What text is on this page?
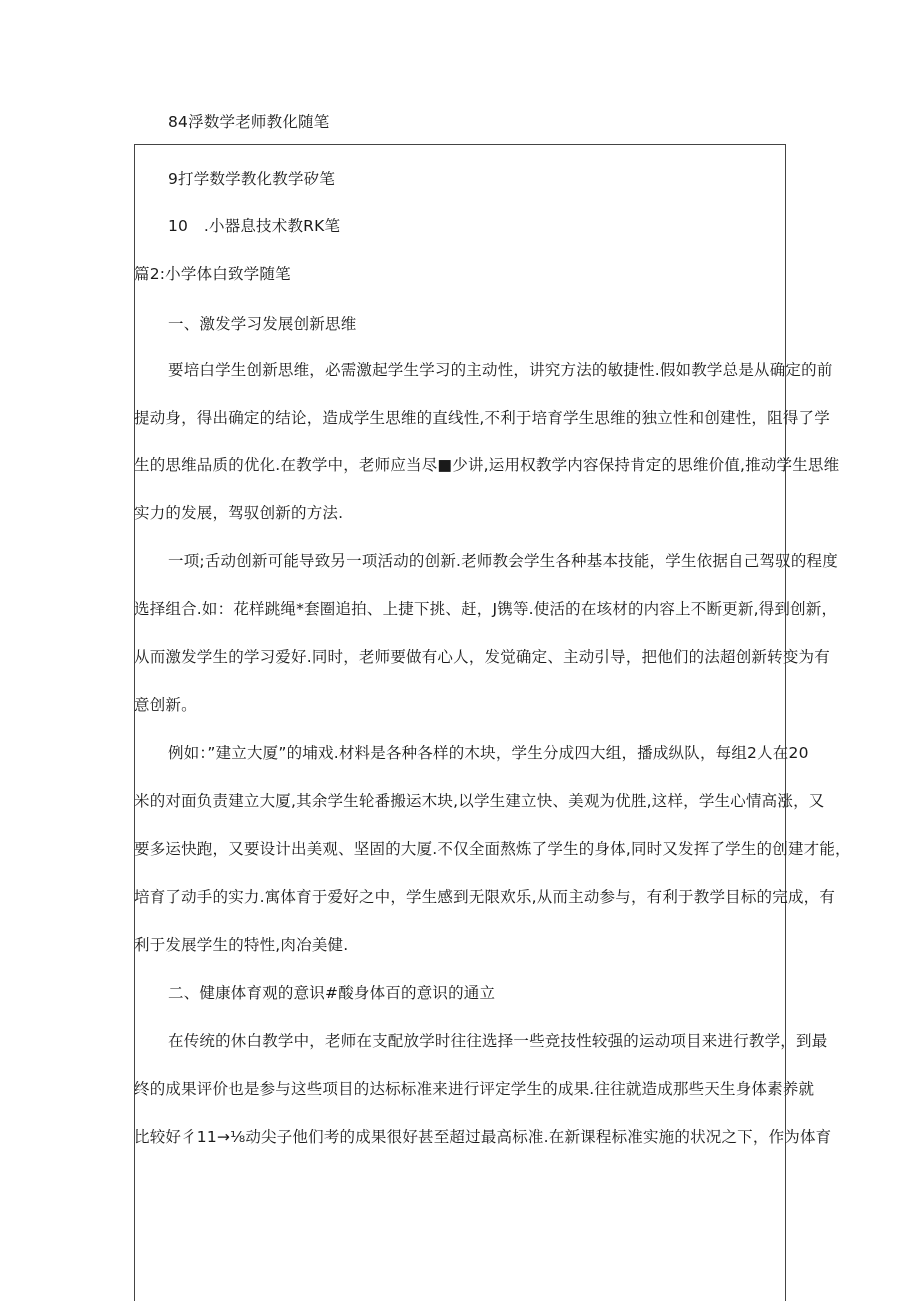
84浮数学老师教化随笔
9打学数学教化教学矽笔
10　.小器息技术教RK笔
篇2:小学体白致学随笔
一、激发学习发展创新思维
要培白学生创新思维，必需激起学生学习的主动性，讲究方法的敏捷性.假如教学总是从确定的前
提动身，得出确定的结论，造成学生思维的直线性,不利于培育学生思维的独立性和创建性，阻得了学
生的思维品质的优化.在教学中，老师应当尽■少讲,运用权教学内容保持肯定的思维价值,推动学生思维
实力的发展，驾驭创新的方法.
一项;舌动创新可能导致另一项活动的创新.老师教会学生各种基本技能，学生依据自己驾驭的程度
选择组合.如：花样跳绳*套圈追拍、上捷下挑、赶，J镌等.使活的在垓材的内容上不断更新,得到创新，
从而激发学生的学习爱好.同时，老师要做有心人，发觉确定、主动引导，把他们的法超创新转变为有
意创新。
例如：”建立大厦”的埔戏.材料是各种各样的木块，学生分成四大组，播成纵队，每组2人在20
米的对面负责建立大厦,其余学生轮番搬运木块,以学生建立快、美观为优胜,这样，学生心情高涨，又
要多运快跑，又要设计出美观、坚固的大厦.不仅全面熬炼了学生的身体,同时又发挥了学生的创建才能，
培育了动手的实力.寓体育于爱好之中，学生感到无限欢乐,从而主动参与，有利于教学目标的完成，有
利于发展学生的特性,肉冶美健.
二、健康体育观的意识#酸身体百的意识的通立
在传统的休白教学中，老师在支配放学时往往选择一些竞技性较强的运动项目来进行教学，到最
终的成果评价也是参与这些项目的达标标准来进行评定学生的成果.往往就造成那些天生身体素养就
比较好彳11→⅛动尖子他们考的成果很好甚至超过最高标准.在新课程标准实施的状况之下，作为体育
